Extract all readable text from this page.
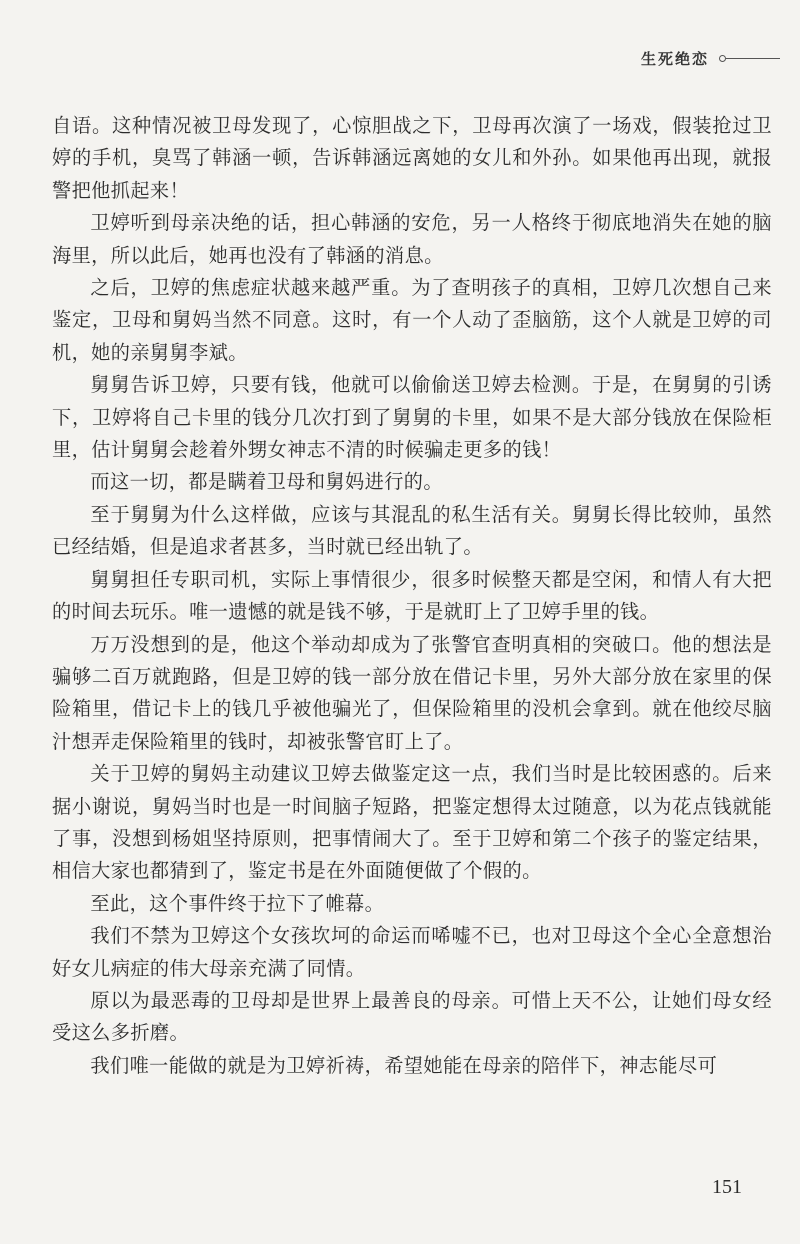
生死绝恋

自语。这种情况被卫母发现了，心惊胆战之下，卫母再次演了一场戏，假装抢过卫婷的手机，臭骂了韩涵一顿，告诉韩涵远离她的女儿和外孙。如果他再出现，就报警把他抓起来！

卫婷听到母亲决绝的话，担心韩涵的安危，另一人格终于彻底地消失在她的脑海里，所以此后，她再也没有了韩涵的消息。

之后，卫婷的焦虑症状越来越严重。为了查明孩子的真相，卫婷几次想自己来鉴定，卫母和舅妈当然不同意。这时，有一个人动了歪脑筋，这个人就是卫婷的司机，她的亲舅舅李斌。

舅舅告诉卫婷，只要有钱，他就可以偷偷送卫婷去检测。于是，在舅舅的引诱下，卫婷将自己卡里的钱分几次打到了舅舅的卡里，如果不是大部分钱放在保险柜里，估计舅舅会趁着外甥女神志不清的时候骗走更多的钱！

而这一切，都是瞒着卫母和舅妈进行的。

至于舅舅为什么这样做，应该与其混乱的私生活有关。舅舅长得比较帅，虽然已经结婚，但是追求者甚多，当时就已经出轨了。

舅舅担任专职司机，实际上事情很少，很多时候整天都是空闲，和情人有大把的时间去玩乐。唯一遗憾的就是钱不够，于是就盯上了卫婷手里的钱。

万万没想到的是，他这个举动却成为了张警官查明真相的突破口。他的想法是骗够二百万就跑路，但是卫婷的钱一部分放在借记卡里，另外大部分放在家里的保险箱里，借记卡上的钱几乎被他骗光了，但保险箱里的没机会拿到。就在他绞尽脑汁想弄走保险箱里的钱时，却被张警官盯上了。

关于卫婷的舅妈主动建议卫婷去做鉴定这一点，我们当时是比较困惑的。后来据小谢说，舅妈当时也是一时间脑子短路，把鉴定想得太过随意，以为花点钱就能了事，没想到杨姐坚持原则，把事情闹大了。至于卫婷和第二个孩子的鉴定结果，相信大家也都猜到了，鉴定书是在外面随便做了个假的。

至此，这个事件终于拉下了帷幕。

我们不禁为卫婷这个女孩坎坷的命运而唏嘘不已，也对卫母这个全心全意想治好女儿病症的伟大母亲充满了同情。

原以为最恶毒的卫母却是世界上最善良的母亲。可惜上天不公，让她们母女经受这么多折磨。

我们唯一能做的就是为卫婷祈祷，希望她能在母亲的陪伴下，神志能尽可

151
